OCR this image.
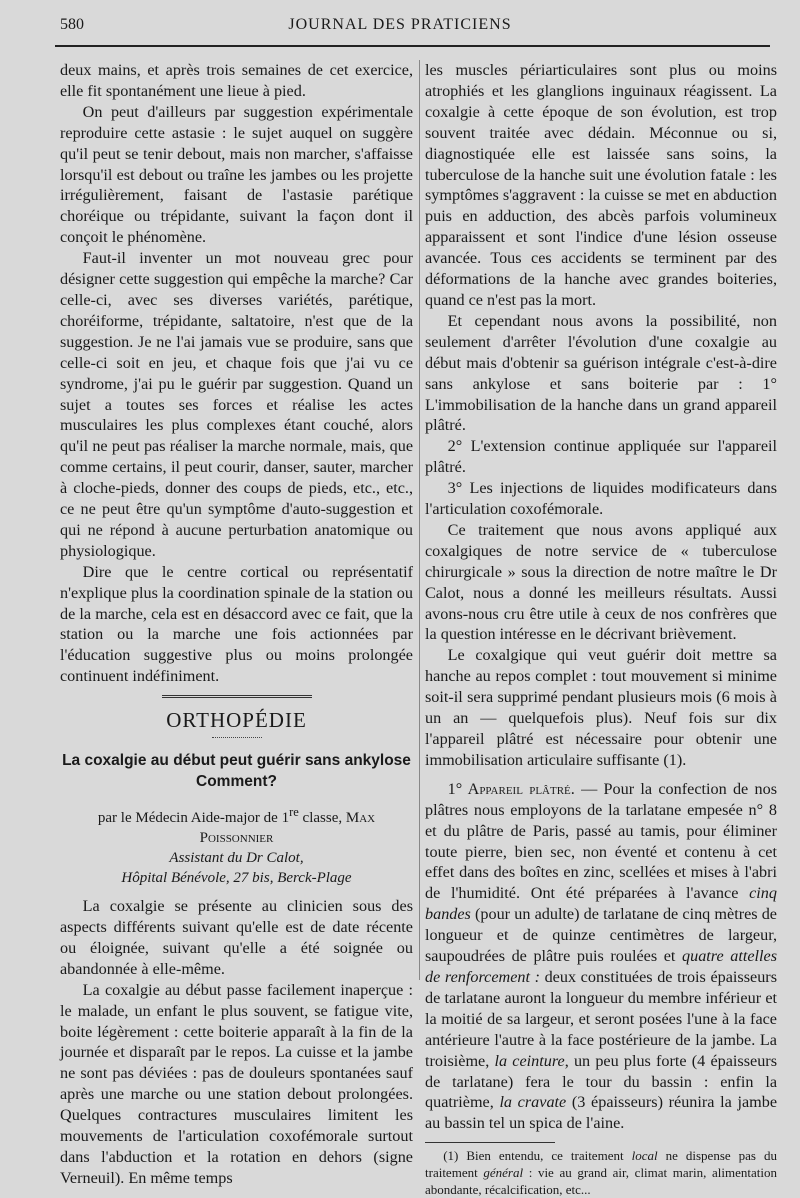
580	JOURNAL DES PRATICIENS

deux mains, et après trois semaines de cet exercice, elle fit spontanément une lieue à pied.

On peut d'ailleurs par suggestion expérimentale reproduire cette astasie : le sujet auquel on suggère qu'il peut se tenir debout, mais non marcher, s'affaisse lorsqu'il est debout ou traîne les jambes ou les projette irrégulièrement, faisant de l'astasie parétique choréique ou trépidante, suivant la façon dont il conçoit le phénomène.

Faut-il inventer un mot nouveau grec pour désigner cette suggestion qui empêche la marche? Car celle-ci, avec ses diverses variétés, parétique, choréiforme, trépidante, saltatoire, n'est que de la suggestion. Je ne l'ai jamais vue se produire, sans que celle-ci soit en jeu, et chaque fois que j'ai vu ce syndrome, j'ai pu le guérir par suggestion. Quand un sujet a toutes ses forces et réalise les actes musculaires les plus complexes étant couché, alors qu'il ne peut pas réaliser la marche normale, mais, que comme certains, il peut courir, danser, sauter, marcher à cloche-pieds, donner des coups de pieds, etc., etc., ce ne peut être qu'un symptôme d'auto-suggestion et qui ne répond à aucune perturbation anatomique ou physiologique.

Dire que le centre cortical ou représentatif n'explique plus la coordination spinale de la station ou de la marche, cela est en désaccord avec ce fait, que la station ou la marche une fois actionnées par l'éducation suggestive plus ou moins prolongée continuent indéfiniment.

ORTHOPÉDIE
La coxalgie au début peut guérir sans ankylose
Comment?
par le Médecin Aide-major de 1re classe, Max Poissonnier
Assistant du Dr Calot,
Hôpital Bénévole, 27 bis, Berck-Plage

La coxalgie se présente au clinicien sous des aspects différents suivant qu'elle est de date récente ou éloignée, suivant qu'elle a été soignée ou abandonnée à elle-même.

La coxalgie au début passe facilement inaperçue : le malade, un enfant le plus souvent, se fatigue vite, boite légèrement : cette boiterie apparaît à la fin de la journée et disparaît par le repos. La cuisse et la jambe ne sont pas déviées : pas de douleurs spontanées sauf après une marche ou une station debout prolongées. Quelques contractures musculaires limitent les mouvements de l'articulation coxofémorale surtout dans l'abduction et la rotation en dehors (signe Verneuil). En même temps

les muscles périarticulaires sont plus ou moins atrophiés et les glanglions inguinaux réagissent. La coxalgie à cette époque de son évolution, est trop souvent traitée avec dédain. Méconnue ou si, diagnostiquée elle est laissée sans soins, la tuberculose de la hanche suit une évolution fatale : les symptômes s'aggravent : la cuisse se met en abduction puis en adduction, des abcès parfois volumineux apparaissent et sont l'indice d'une lésion osseuse avancée. Tous ces accidents se terminent par des déformations de la hanche avec grandes boiteries, quand ce n'est pas la mort.

Et cependant nous avons la possibilité, non seulement d'arrêter l'évolution d'une coxalgie au début mais d'obtenir sa guérison intégrale c'est-à-dire sans ankylose et sans boiterie par : 1° L'immobilisation de la hanche dans un grand appareil plâtré.

2° L'extension continue appliquée sur l'appareil plâtré.

3° Les injections de liquides modificateurs dans l'articulation coxofémorale.

Ce traitement que nous avons appliqué aux coxalgiques de notre service de « tuberculose chirurgicale » sous la direction de notre maître le Dr Calot, nous a donné les meilleurs résultats. Aussi avons-nous cru être utile à ceux de nos confrères que la question intéresse en le décrivant brièvement.

Le coxalgique qui veut guérir doit mettre sa hanche au repos complet : tout mouvement si minime soit-il sera supprimé pendant plusieurs mois (6 mois à un an — quelquefois plus). Neuf fois sur dix l'appareil plâtré est nécessaire pour obtenir une immobilisation articulaire suffisante (1).

1° Appareil plâtré. — Pour la confection de nos plâtres nous employons de la tarlatane empesée n° 8 et du plâtre de Paris, passé au tamis, pour éliminer toute pierre, bien sec, non éventé et contenu à cet effet dans des boîtes en zinc, scellées et mises à l'abri de l'humidité. Ont été préparées à l'avance cinq bandes (pour un adulte) de tarlatane de cinq mètres de longueur et de quinze centimètres de largeur, saupoudrées de plâtre puis roulées et quatre attelles de renforcement : deux constituées de trois épaisseurs de tarlatane auront la longueur du membre inférieur et la moitié de sa largeur, et seront posées l'une à la face antérieure l'autre à la face postérieure de la jambe. La troisième, la ceinture, un peu plus forte (4 épaisseurs de tarlatane) fera le tour du bassin : enfin la quatrième, la cravate (3 épaisseurs) réunira la jambe au bassin tel un spica de l'aine.

(1) Bien entendu, ce traitement local ne dispense pas du traitement général : vie au grand air, climat marin, alimentation abondante, récalcification, etc...
